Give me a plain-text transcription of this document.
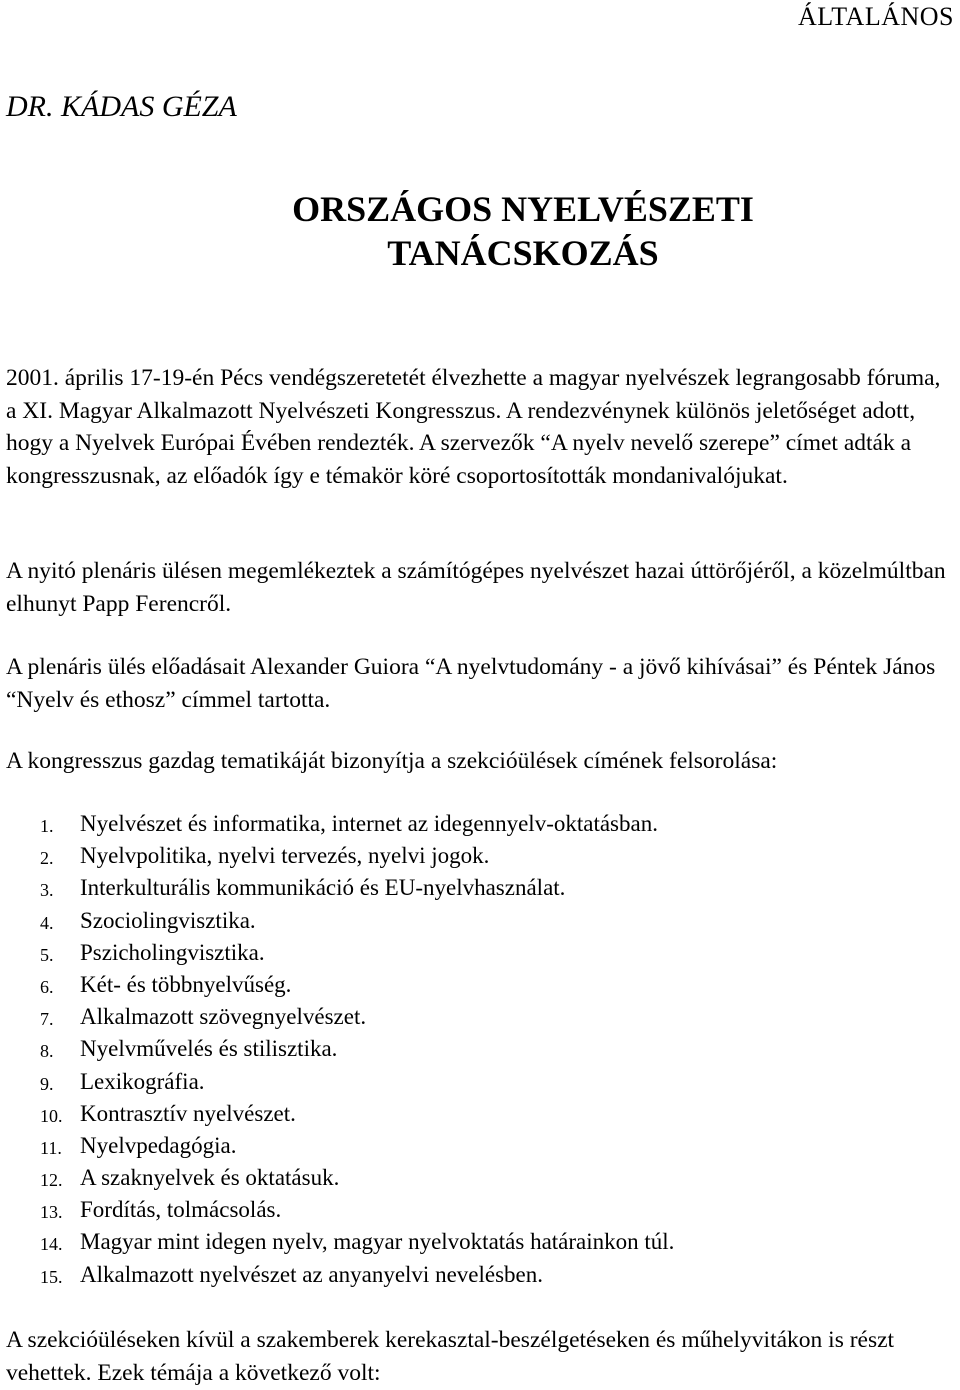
ÁLTALÁNOS
DR. KÁDAS GÉZA
ORSZÁGOS NYELVÉSZETI
TANÁCSKOZÁS

2001. április 17-19-én Pécs vendégszeretetét élvezhette a magyar nyelvészek legrangosabb fóruma, a XI. Magyar Alkalmazott Nyelvészeti Kongresszus. A rendezvénynek különös jeletőséget adott, hogy a Nyelvek Európai Évében rendezték. A szervezők “A nyelv nevelő szerepe” címet adták a kongresszusnak, az előadók így e témakör köré csoportosították mondanivalójukat.

A nyitó plenáris ülésen megemlékeztek a számítógépes nyelvészet hazai úttörőjéről, a közelmúltban elhunyt Papp Ferencről.

A plenáris ülés előadásait Alexander Guiora “A nyelvtudomány - a jövő kihívásai” és Péntek János “Nyelv és ethosz” címmel tartotta.

A kongresszus gazdag tematikáját bizonyítja a szekcióülések címének felsorolása:

1. Nyelvészet és informatika, internet az idegennyelv-oktatásban.
2. Nyelvpolitika, nyelvi tervezés, nyelvi jogok.
3. Interkulturális kommunikáció és EU-nyelvhasználat.
4. Szociolingvisztika.
5. Pszicholingvisztika.
6. Két- és többnyelvűség.
7. Alkalmazott szövegnyelvészet.
8. Nyelvművelés és stilisztika.
9. Lexikográfia.
10. Kontrasztív nyelvészet.
11. Nyelvpedagógia.
12. A szaknyelvek és oktatásuk.
13. Fordítás, tolmácsolás.
14. Magyar mint idegen nyelv, magyar nyelvoktatás határainkon túl.
15. Alkalmazott nyelvészet az anyanyelvi nevelésben.

A szekcióüléseken kívül a szakemberek kerekasztal-beszélgetéseken és műhelyvitákon is részt vehettek. Ezek témája a következő volt:
